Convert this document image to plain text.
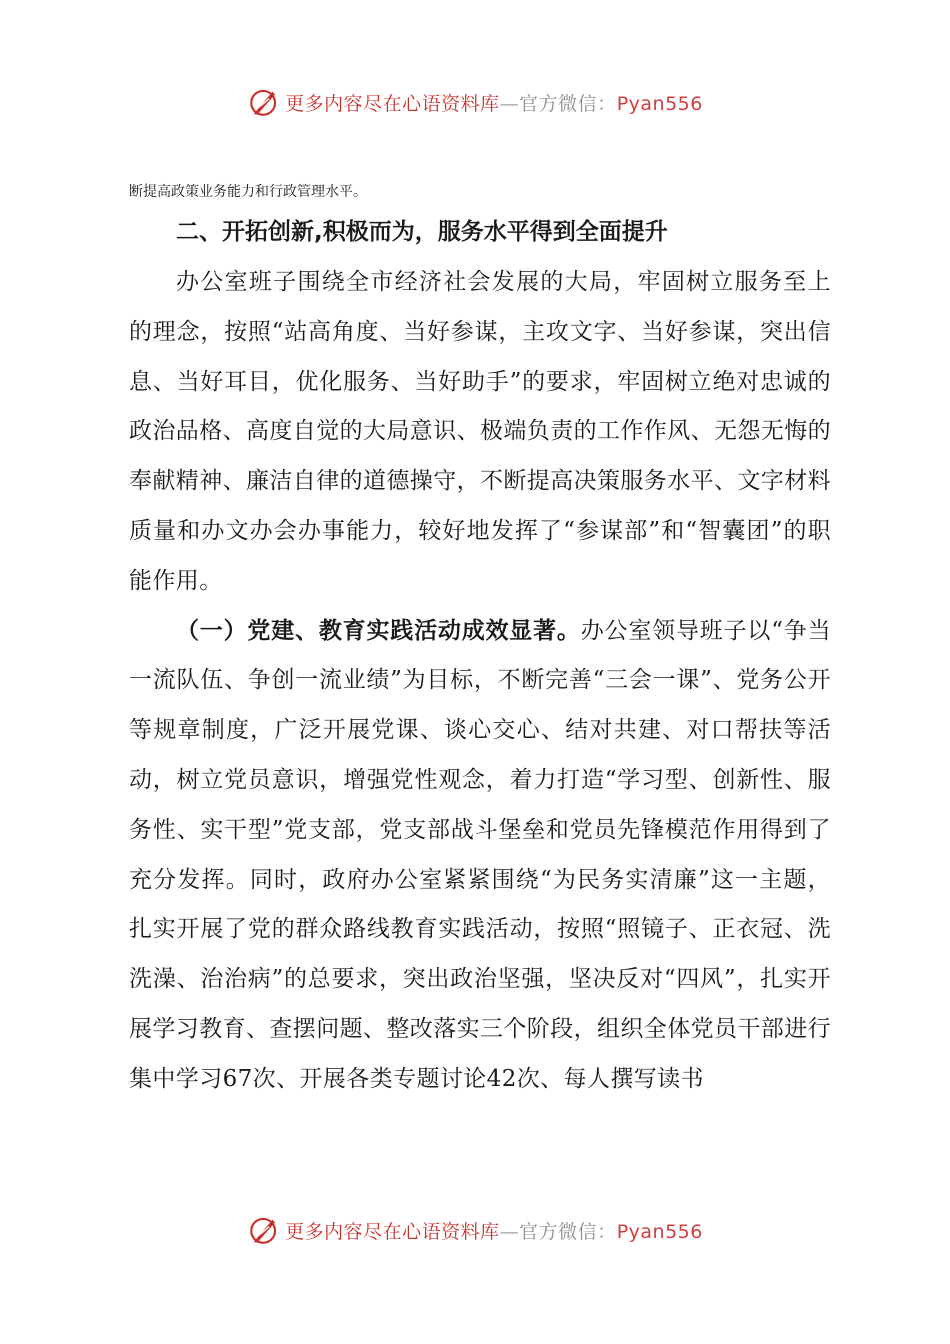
更多内容尽在心语资料库—官方微信：Pyan556

断提高政策业务能力和行政管理水平。

二、开拓创新,积极而为，服务水平得到全面提升

办公室班子围绕全市经济社会发展的大局，牢固树立服务至上的理念，按照“站高角度、当好参谋，主攻文字、当好参谋，突出信息、当好耳目，优化服务、当好助手”的要求，牢固树立绝对忠诚的政治品格、高度自觉的大局意识、极端负责的工作作风、无怨无悔的奉献精神、廉洁自律的道德操守，不断提高决策服务水平、文字材料质量和办文办会办事能力，较好地发挥了“参谋部”和“智囊团”的职能作用。

（一）党建、教育实践活动成效显著。办公室领导班子以“争当一流队伍、争创一流业绩”为目标，不断完善“三会一课”、党务公开等规章制度，广泛开展党课、谈心交心、结对共建、对口帮扶等活动，树立党员意识，增强党性观念，着力打造“学习型、创新性、服务性、实干型”党支部，党支部战斗堡垒和党员先锋模范作用得到了充分发挥。同时，政府办公室紧紧围绕“为民务实清廉”这一主题，扎实开展了党的群众路线教育实践活动，按照“照镜子、正衣冠、洗洗澡、治治病”的总要求，突出政治坚强，坚决反对“四风”，扎实开展学习教育、查摆问题、整改落实三个阶段，组织全体党员干部进行集中学习67次、开展各类专题讨论42次、每人撰写读书

更多内容尽在心语资料库—官方微信：Pyan556
